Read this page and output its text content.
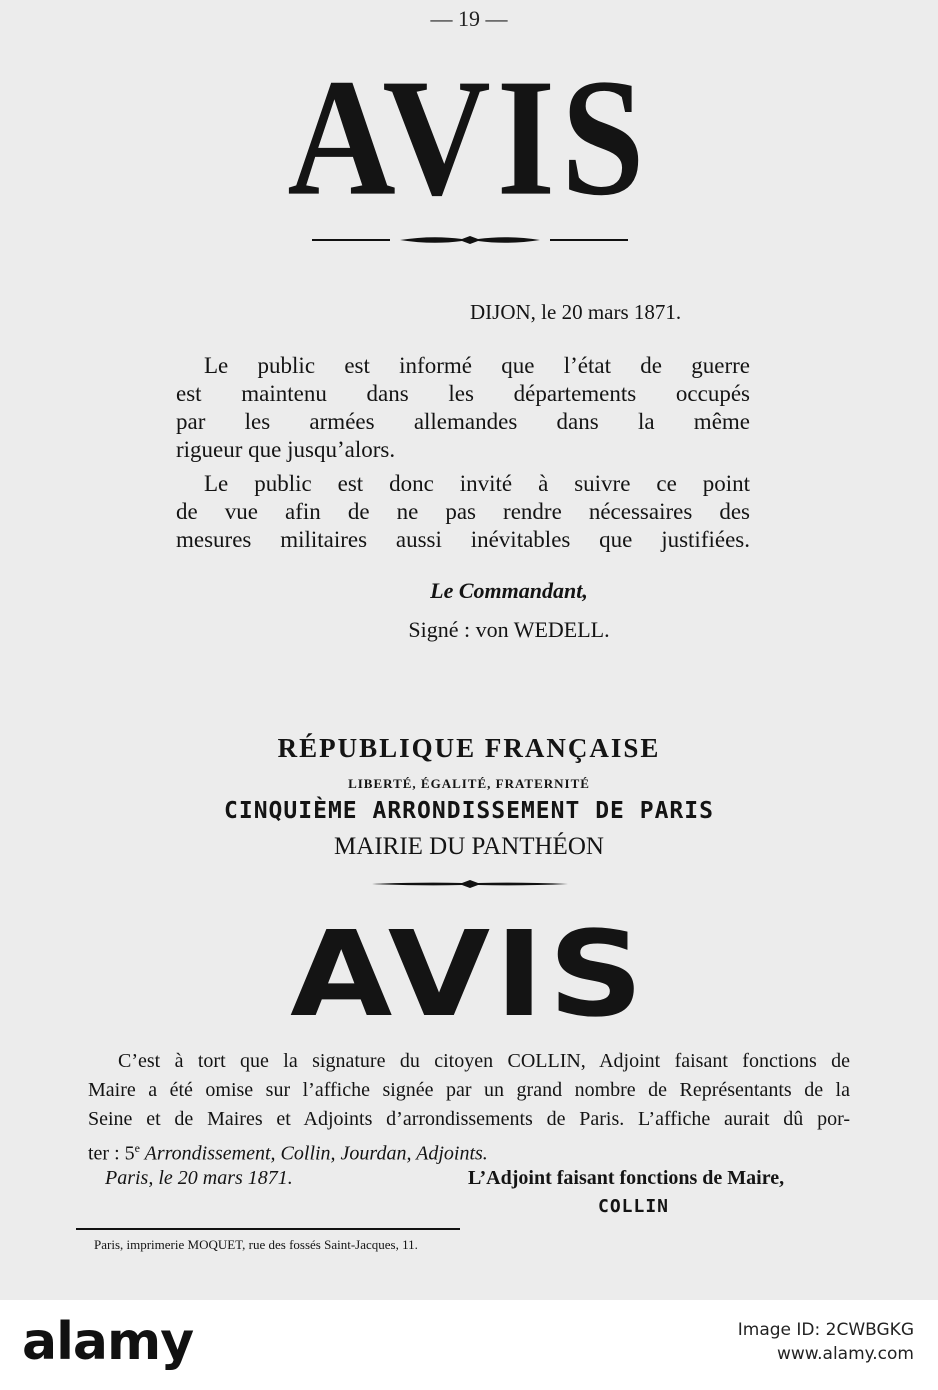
— 19 —
AVIS
DIJON, le 20 mars 1871.
Le public est informé que l’état de guerre
est maintenu dans les départements occupés
par les armées allemandes dans la même
rigueur que jusqu’alors.
Le public est donc invité à suivre ce point
de vue afin de ne pas rendre nécessaires des
mesures militaires aussi inévitables que justifiées.
Le Commandant,
Signé : von WEDELL.
RÉPUBLIQUE FRANÇAISE
LIBERTÉ, ÉGALITÉ, FRATERNITÉ
CINQUIÈME ARRONDISSEMENT DE PARIS
MAIRIE DU PANTHÉON
AVIS
C’est à tort que la signature du citoyen COLLIN, Adjoint faisant fonctions de
Maire a été omise sur l’affiche signée par un grand nombre de Représentants de la
Seine et de Maires et Adjoints d’arrondissements de Paris. L’affiche aurait dû por-
ter : 5e Arrondissement, Collin, Jourdan, Adjoints.
Paris, le 20 mars 1871.	L’Adjoint faisant fonctions de Maire,
COLLIN
Paris, imprimerie MOQUET, rue des fossés Saint-Jacques, 11.
alamy	Image ID: 2CWBGKG
www.alamy.com
